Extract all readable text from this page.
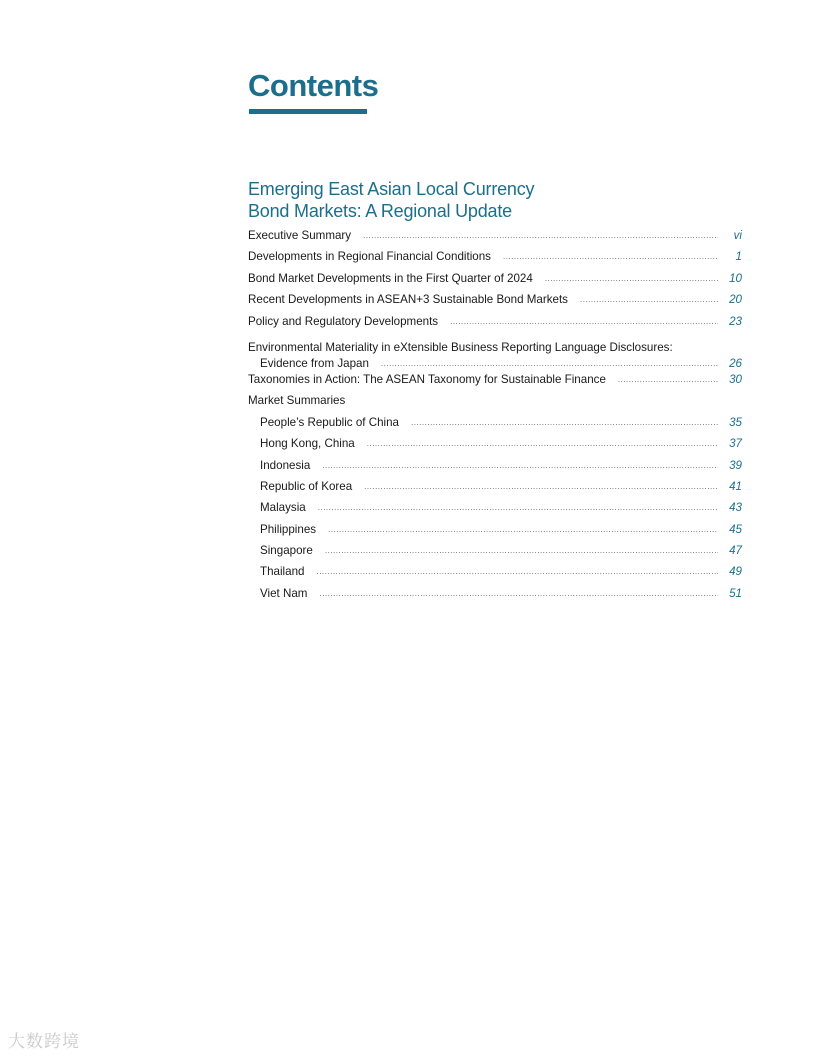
Contents
Emerging East Asian Local Currency
Bond Markets: A Regional Update
Executive Summary .....	vi
Developments in Regional Financial Conditions .....	1
Bond Market Developments in the First Quarter of 2024 .....	10
Recent Developments in ASEAN+3 Sustainable Bond Markets .....	20
Policy and Regulatory Developments .....	23
Environmental Materiality in eXtensible Business Reporting Language Disclosures:
Evidence from Japan .....	26
Taxonomies in Action: The ASEAN Taxonomy for Sustainable Finance .....	30
Market Summaries
People’s Republic of China .....	35
Hong Kong, China .....	37
Indonesia .....	39
Republic of Korea .....	41
Malaysia .....	43
Philippines .....	45
Singapore .....	47
Thailand .....	49
Viet Nam .....	51
大数跨境
